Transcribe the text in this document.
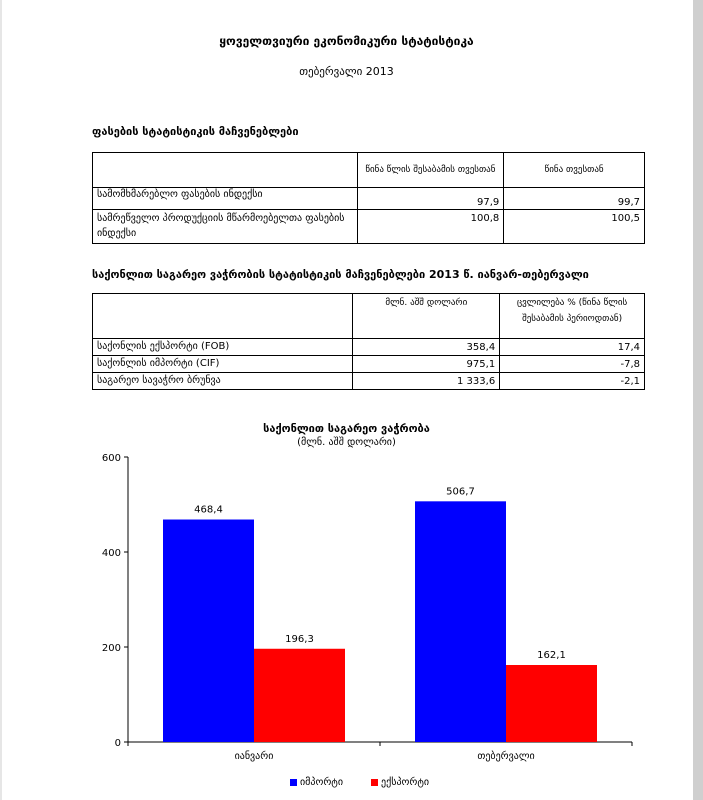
ყოველთვიური ეკონომიკური სტატისტიკა
თებერვალი 2013
ფასების სტატისტიკის მაჩვენებლები
	წინა წლის შესაბამის თვესთან	წინა თვესთან
სამომხმარებლო ფასების ინდექსი	97,9	99,7
სამრეწველო პროდუქციის მწარმოებელთა ფასების ინდექსი	100,8	100,5
საქონლით საგარეო ვაჭრობის სტატისტიკის მაჩვენებლები 2013 წ. იანვარ-თებერვალი
	მლნ. აშშ დოლარი	ცვლილება % (წინა წლის შესაბამის პერიოდთან)
საქონლის ექსპორტი (FOB)	358,4	17,4
საქონლის იმპორტი (CIF)	975,1	-7,8
საგარეო სავაჭრო ბრუნვა	1 333,6	-2,1
საქონლით საგარეო ვაჭრობა
(მლნ. აშშ დოლარი)
0
200
400
600
იანვარი
468,4
196,3
თებერვალი
506,7
162,1
იმპორტი	ექსპორტი
